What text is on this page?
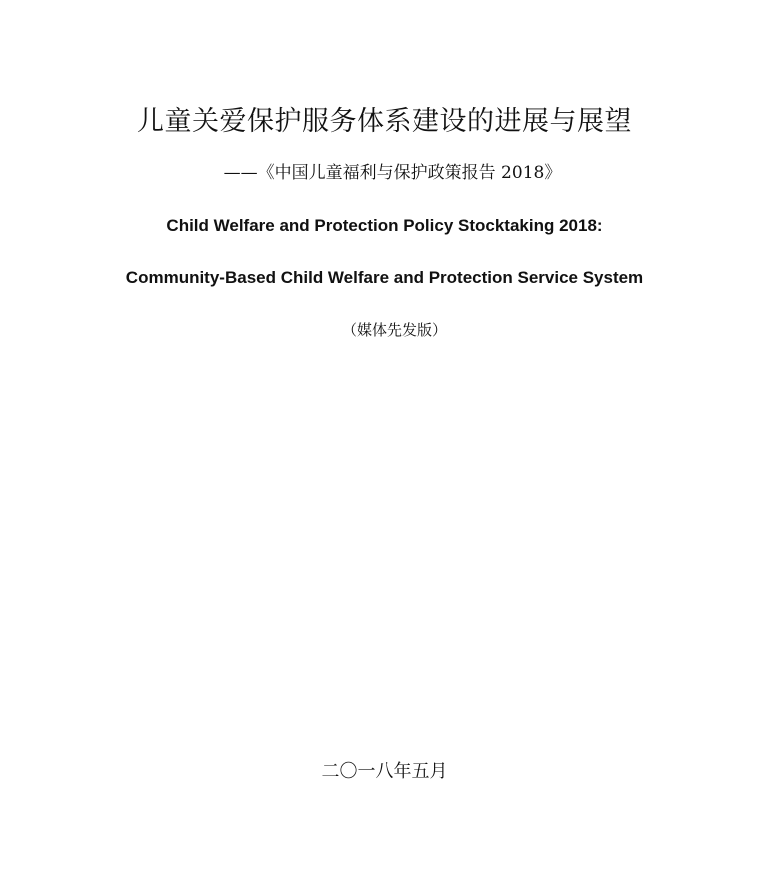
儿童关爱保护服务体系建设的进展与展望
——《中国儿童福利与保护政策报告 2018》
Child Welfare and Protection Policy Stocktaking 2018:
Community-Based Child Welfare and Protection Service System
（媒体先发版）
二〇一八年五月
